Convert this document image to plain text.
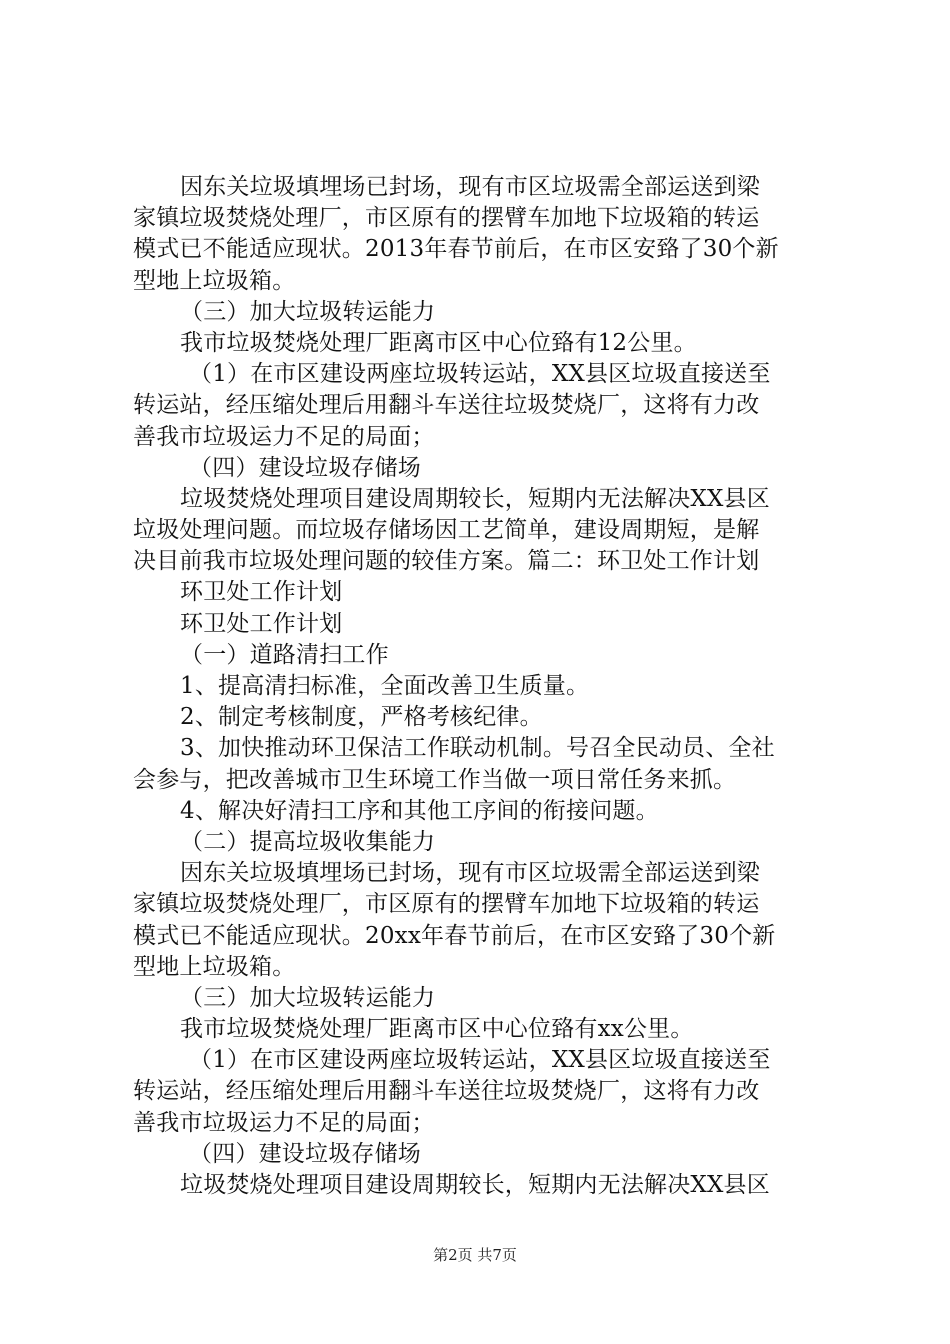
因东关垃圾填埋场已封场，现有市区垃圾需全部运送到梁
家镇垃圾焚烧处理厂，市区原有的摆臂车加地下垃圾箱的转运
模式已不能适应现状。2013年春节前后，在市区安臵了30个新
型地上垃圾箱。
（三）加大垃圾转运能力
我市垃圾焚烧处理厂距离市区中心位臵有12公里。
（1）在市区建设两座垃圾转运站，XX县区垃圾直接送至
转运站，经压缩处理后用翻斗车送往垃圾焚烧厂，这将有力改
善我市垃圾运力不足的局面；
（四）建设垃圾存储场
垃圾焚烧处理项目建设周期较长，短期内无法解决XX县区
垃圾处理问题。而垃圾存储场因工艺简单，建设周期短，是解
决目前我市垃圾处理问题的较佳方案。篇二：环卫处工作计划
环卫处工作计划
环卫处工作计划
（一）道路清扫工作
1、提高清扫标准，全面改善卫生质量。
2、制定考核制度，严格考核纪律。
3、加快推动环卫保洁工作联动机制。号召全民动员、全社
会参与，把改善城市卫生环境工作当做一项日常任务来抓。
4、解决好清扫工序和其他工序间的衔接问题。
（二）提高垃圾收集能力
因东关垃圾填埋场已封场，现有市区垃圾需全部运送到梁
家镇垃圾焚烧处理厂，市区原有的摆臂车加地下垃圾箱的转运
模式已不能适应现状。20xx年春节前后，在市区安臵了30个新
型地上垃圾箱。
（三）加大垃圾转运能力
我市垃圾焚烧处理厂距离市区中心位臵有xx公里。
（1）在市区建设两座垃圾转运站，XX县区垃圾直接送至
转运站，经压缩处理后用翻斗车送往垃圾焚烧厂，这将有力改
善我市垃圾运力不足的局面；
（四）建设垃圾存储场
垃圾焚烧处理项目建设周期较长，短期内无法解决XX县区
第2页 共7页
